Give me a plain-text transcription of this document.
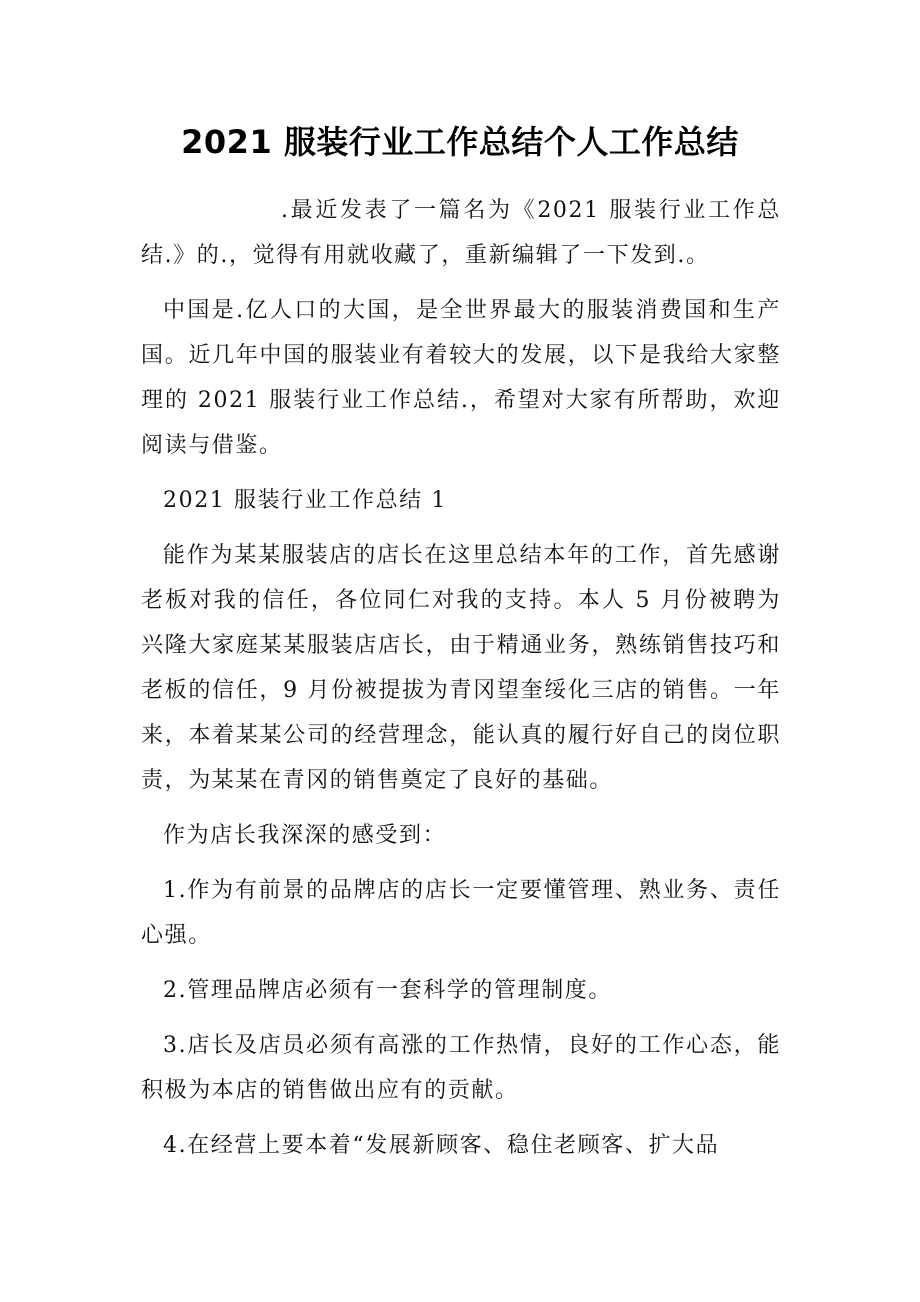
2021 服装行业工作总结个人工作总结

.最近发表了一篇名为《2021 服装行业工作总结.》的.，觉得有用就收藏了，重新编辑了一下发到.。

中国是.亿人口的大国，是全世界最大的服装消费国和生产国。近几年中国的服装业有着较大的发展，以下是我给大家整理的 2021 服装行业工作总结.，希望对大家有所帮助，欢迎阅读与借鉴。

2021 服装行业工作总结 1

能作为某某服装店的店长在这里总结本年的工作，首先感谢老板对我的信任，各位同仁对我的支持。本人 5 月份被聘为兴隆大家庭某某服装店店长，由于精通业务，熟练销售技巧和老板的信任，9 月份被提拔为青冈望奎绥化三店的销售。一年来，本着某某公司的经营理念，能认真的履行好自己的岗位职责，为某某在青冈的销售奠定了良好的基础。

作为店长我深深的感受到：

1.作为有前景的品牌店的店长一定要懂管理、熟业务、责任心强。

2.管理品牌店必须有一套科学的管理制度。

3.店长及店员必须有高涨的工作热情，良好的工作心态，能积极为本店的销售做出应有的贡献。

4.在经营上要本着“发展新顾客、稳住老顾客、扩大品
